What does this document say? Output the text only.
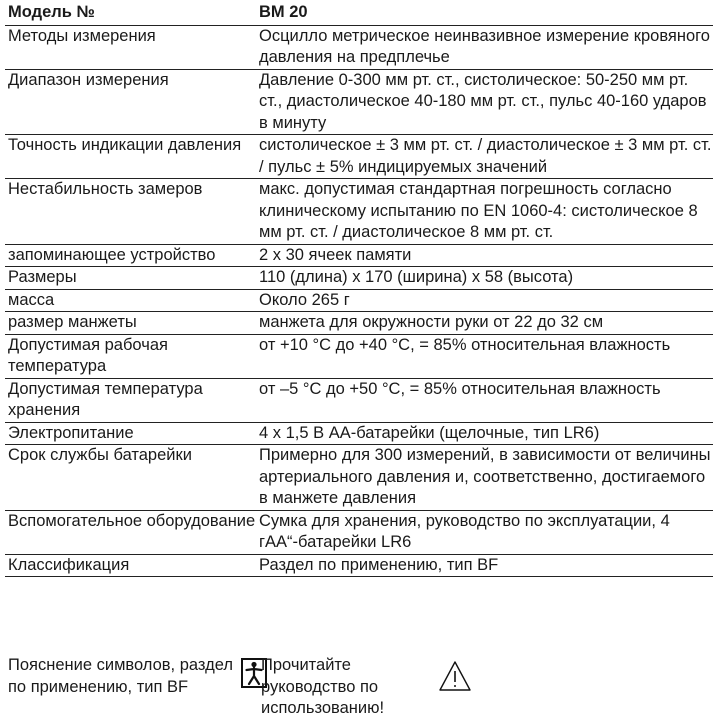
Модель №	BM 20
Методы измерения	Осцилло метрическое неинвазивное измерение кровяного давления на предплечье
Диапазон измерения	Давление 0-300 мм рт. ст., систолическое: 50-250 мм рт. ст., диастолическое 40-180 мм рт. ст., пульс 40-160 ударов в минуту
Точность индикации давления	систолическое ± 3 мм рт. ст. / диастолическое ± 3 мм рт. ст. / пульс ± 5% индицируемых значений
Нестабильность замеров	макс. допустимая стандартная погрешность согласно клиническому испытанию по EN 1060-4: систолическое 8 мм рт. ст. / диастолическое 8 мм рт. ст.
запоминающее устройство	2 x 30 ячеек памяти
Размеры	110 (длина) x 170 (ширина) x 58 (высота)
масса	Около 265 г
размер манжеты	манжета для окружности руки от 22 до 32 см
Допустимая рабочая температура	от +10 °C до +40 °C, = 85% относительная влажность
Допустимая температура хранения	от –5 °C до +50 °C, = 85% относительная влажность
Электропитание	4 x 1,5 В АА-батарейки (щелочные, тип LR6)
Срок службы батарейки	Примерно для 300 измерений, в зависимости от величины артериального давления и, соответственно, достигаемого в манжете давления
Вспомогательное оборудование	Сумка для хранения, руководство по эксплуатации, 4 гАА“-батарейки LR6
Классификация	Раздел по применению, тип BF
Пояснение символов, раздел по применению, тип BF
Прочитайте руководство по использованию!
